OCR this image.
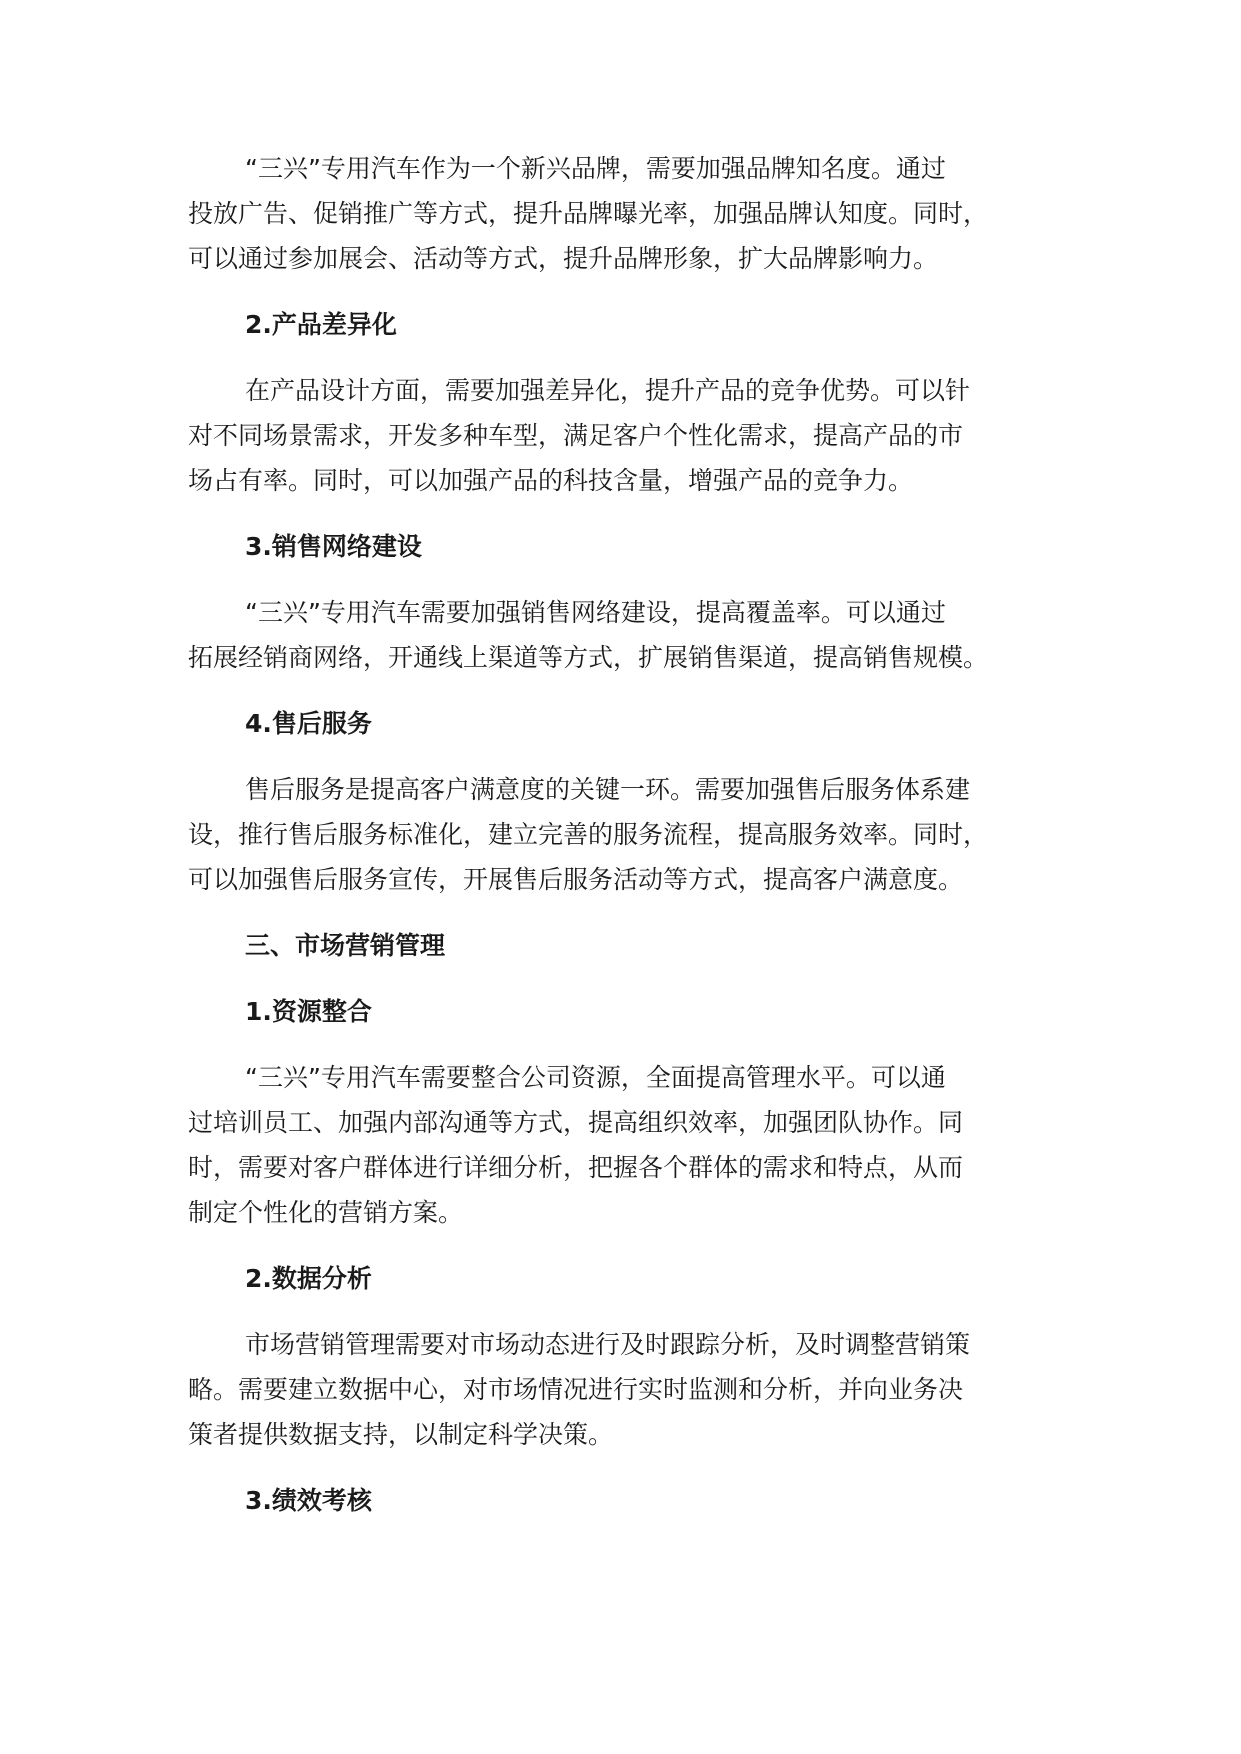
“三兴”专用汽车作为一个新兴品牌，需要加强品牌知名度。通过
投放广告、促销推广等方式，提升品牌曝光率，加强品牌认知度。同时，
可以通过参加展会、活动等方式，提升品牌形象，扩大品牌影响力。

2.产品差异化

在产品设计方面，需要加强差异化，提升产品的竞争优势。可以针
对不同场景需求，开发多种车型，满足客户个性化需求，提高产品的市
场占有率。同时，可以加强产品的科技含量，增强产品的竞争力。

3.销售网络建设

“三兴”专用汽车需要加强销售网络建设，提高覆盖率。可以通过
拓展经销商网络，开通线上渠道等方式，扩展销售渠道，提高销售规模。

4.售后服务

售后服务是提高客户满意度的关键一环。需要加强售后服务体系建
设，推行售后服务标准化，建立完善的服务流程，提高服务效率。同时，
可以加强售后服务宣传，开展售后服务活动等方式，提高客户满意度。

三、市场营销管理
1.资源整合

“三兴”专用汽车需要整合公司资源，全面提高管理水平。可以通
过培训员工、加强内部沟通等方式，提高组织效率，加强团队协作。同
时，需要对客户群体进行详细分析，把握各个群体的需求和特点，从而
制定个性化的营销方案。

2.数据分析

市场营销管理需要对市场动态进行及时跟踪分析，及时调整营销策
略。需要建立数据中心，对市场情况进行实时监测和分析，并向业务决
策者提供数据支持，以制定科学决策。

3.绩效考核
